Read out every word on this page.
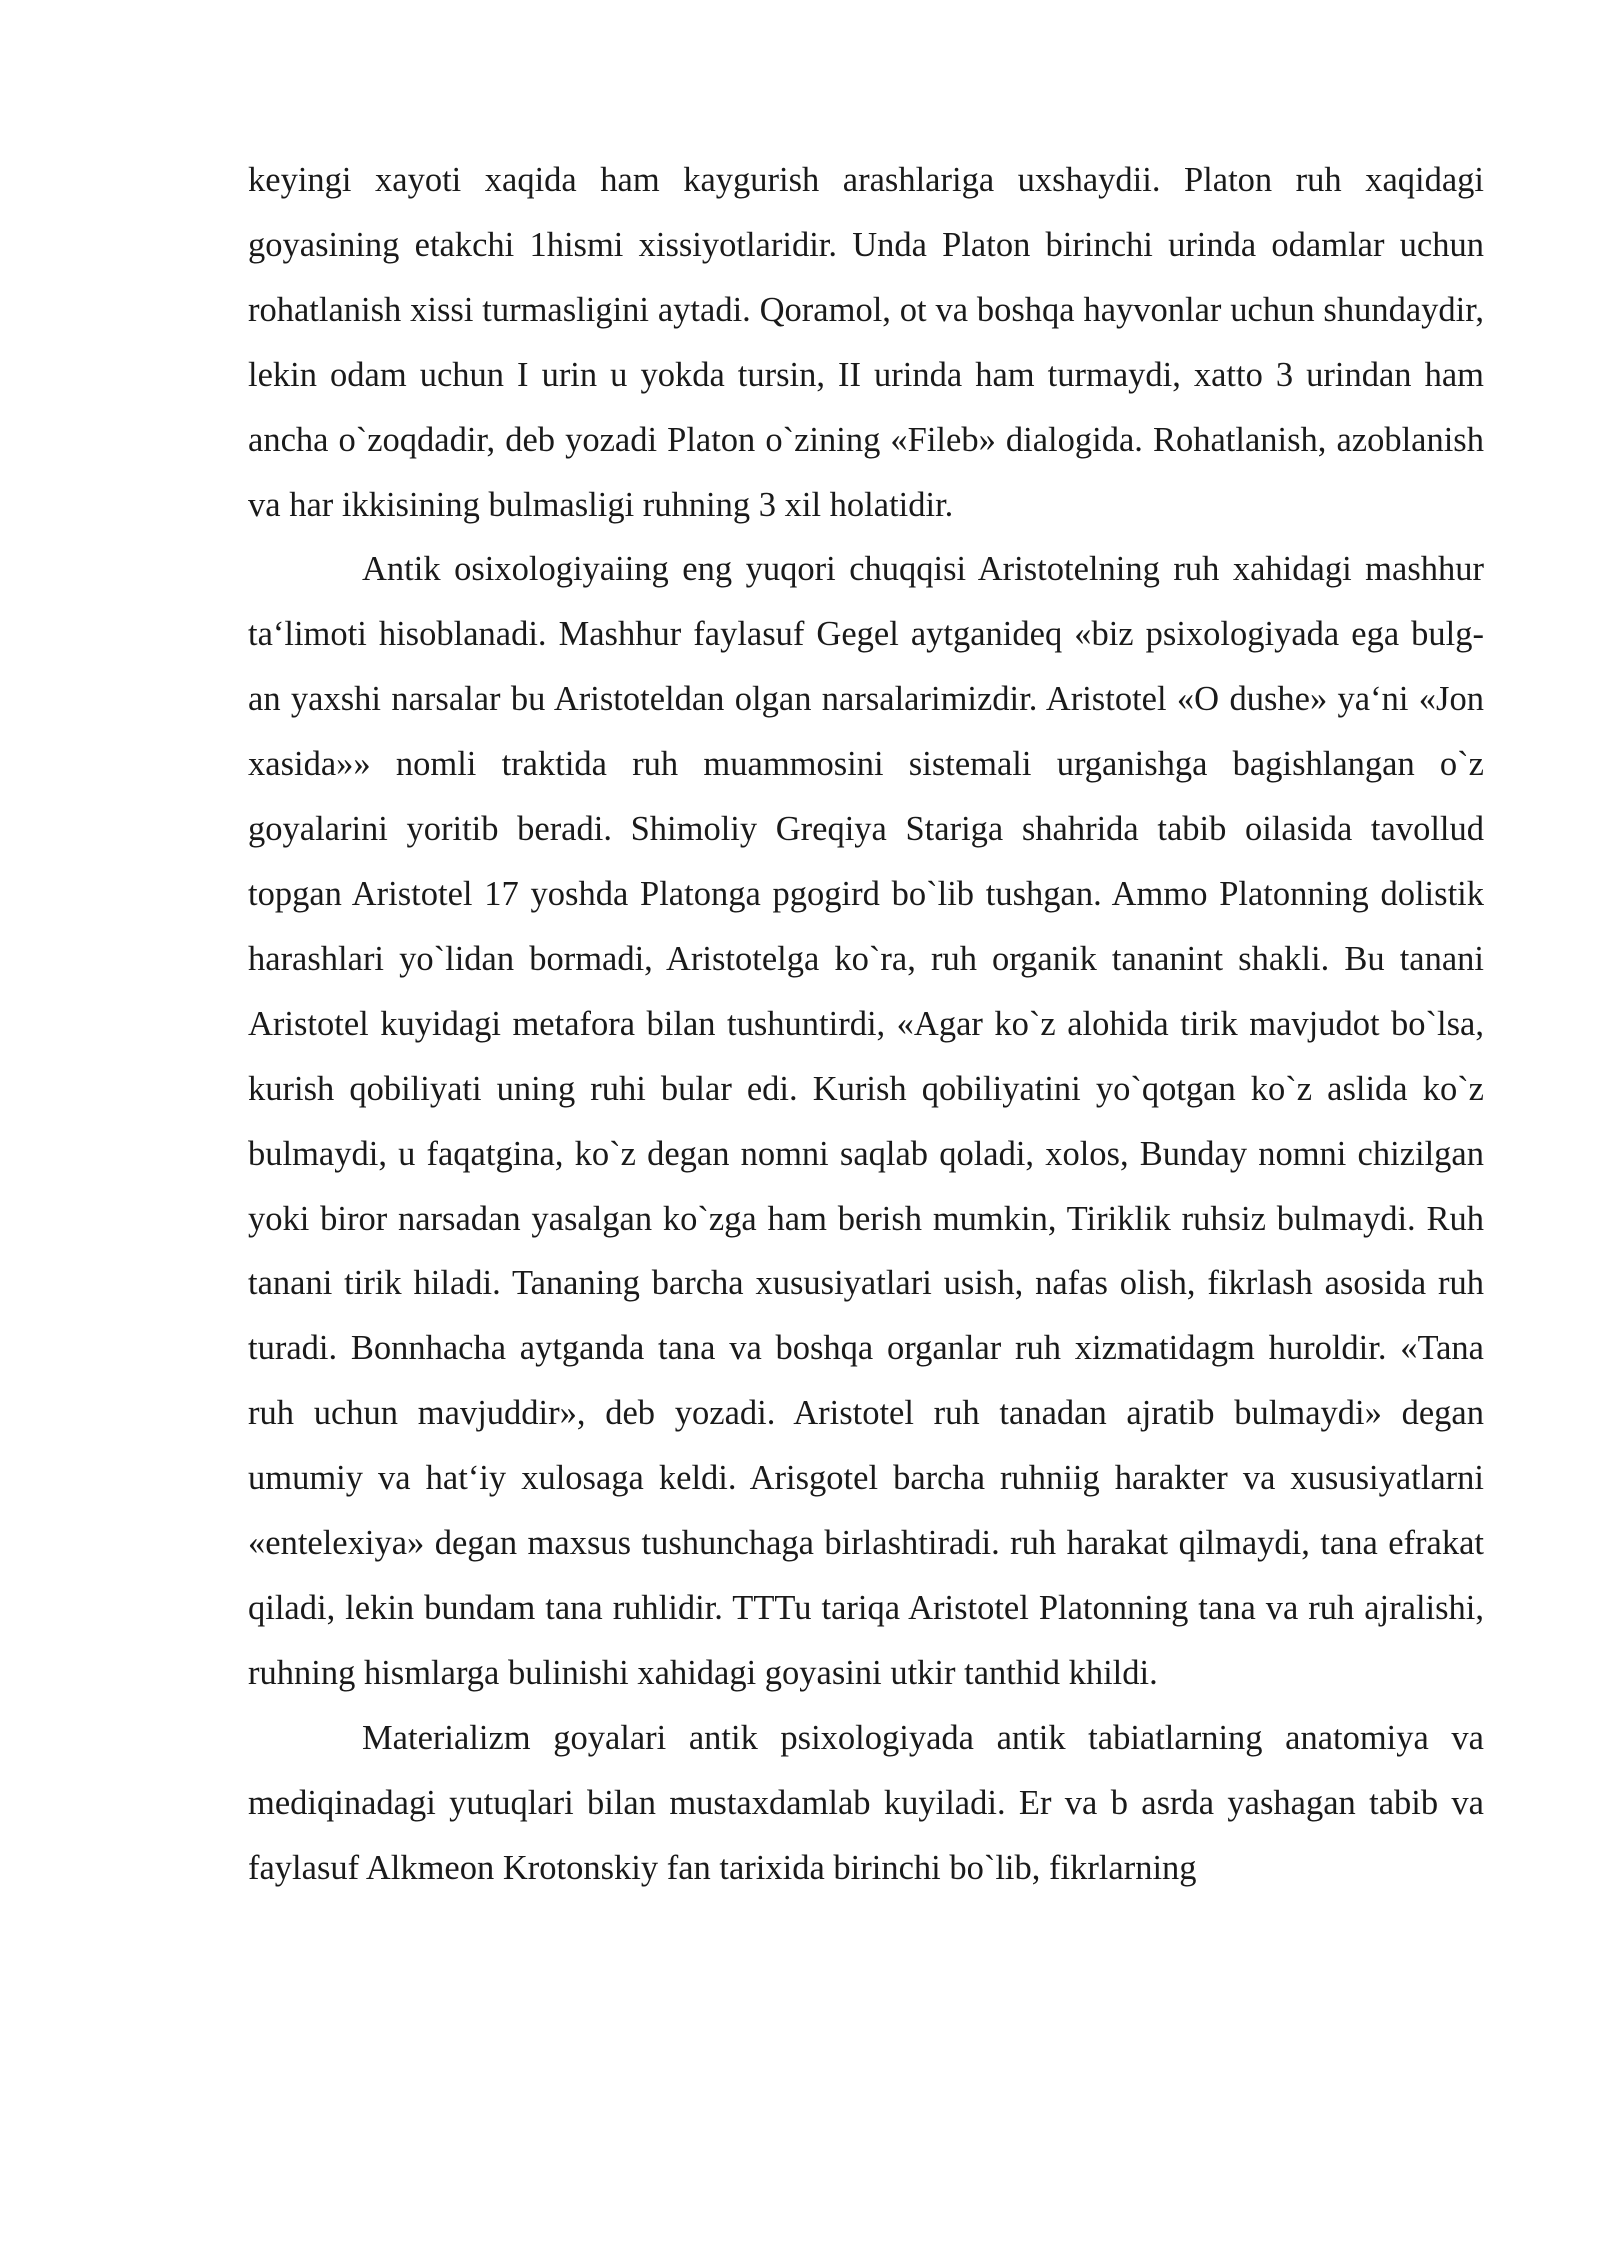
keyingi xayoti xaqida ham kaygurish arashlariga uxshaydii. Platon ruh xaqidagi goyasining etakchi 1hismi xissiyotlaridir. Unda Platon birinchi urinda odamlar uchun rohatlanish xissi turmasligini aytadi. Qoramol, ot va boshqa hayvonlar uchun shundaydir, lekin odam uchun I urin u yokda tursin, II urinda ham turmaydi, xatto 3 urindan ham ancha o`zoqdadir, deb yozadi Platon o`zining «Fileb» dialogida. Rohatlanish, azoblanish va har ikkisining bulmasligi ruhning 3 xil holatidir.

Antik osixologiyaiing eng yuqori chuqqisi Aristotelning ruh xahidagi mashhur ta‘limoti hisoblanadi. Mashhur faylasuf Gegel aytganideq «biz psixologiyada ega bulg-an yaxshi narsalar bu Aristoteldan olgan narsalarimizdir. Aristotel «O dushe» ya‘ni «Jon xasida»» nomli traktida ruh muammosini sistemali urganishga bagishlangan o`z goyalarini yoritib beradi. Shimoliy Greqiya Stariga shahrida tabib oilasida tavollud topgan Aristotel 17 yoshda Platonga pgogird bo`lib tushgan. Ammo Platonning dolistik harashlari yo`lidan bormadi, Aristotelga ko`ra, ruh organik tananint shakli. Bu tanani Aristotel kuyidagi metafora bilan tushuntirdi, «Agar ko`z alohida tirik mavjudot bo`lsa, kurish qobiliyati uning ruhi bular edi. Kurish qobiliyatini yo`qotgan ko`z aslida ko`z bulmaydi, u faqatgina, ko`z degan nomni saqlab qoladi, xolos, Bunday nomni chizilgan yoki biror narsadan yasalgan ko`zga ham berish mumkin, Tiriklik ruhsiz bulmaydi. Ruh tanani tirik hiladi. Tananing barcha xususiyatlari usish, nafas olish, fikrlash asosida ruh turadi. Bonnhacha aytganda tana va boshqa organlar ruh xizmatidagm huroldir. «Tana ruh uchun mavjuddir», deb yozadi. Aristotel ruh tanadan ajratib bulmaydi» degan umumiy va hat‘iy xulosaga keldi. Arisgotel barcha ruhniig harakter va xususiyatlarni «entelexiya» degan maxsus tushunchaga birlashtiradi. ruh harakat qilmaydi, tana efrakat qiladi, lekin bundam tana ruhlidir. TTTu tariqa Aristotel Platonning tana va ruh ajralishi, ruhning hismlarga bulinishi xahidagi goyasini utkir tanthid khildi.

Materializm goyalari antik psixologiyada antik tabiatlarning anatomiya va mediqinadagi yutuqlari bilan mustaxdamlab kuyiladi. Er va b asrda yashagan tabib va faylasuf Alkmeon Krotonskiy fan tarixida birinchi bo`lib, fikrlarning
